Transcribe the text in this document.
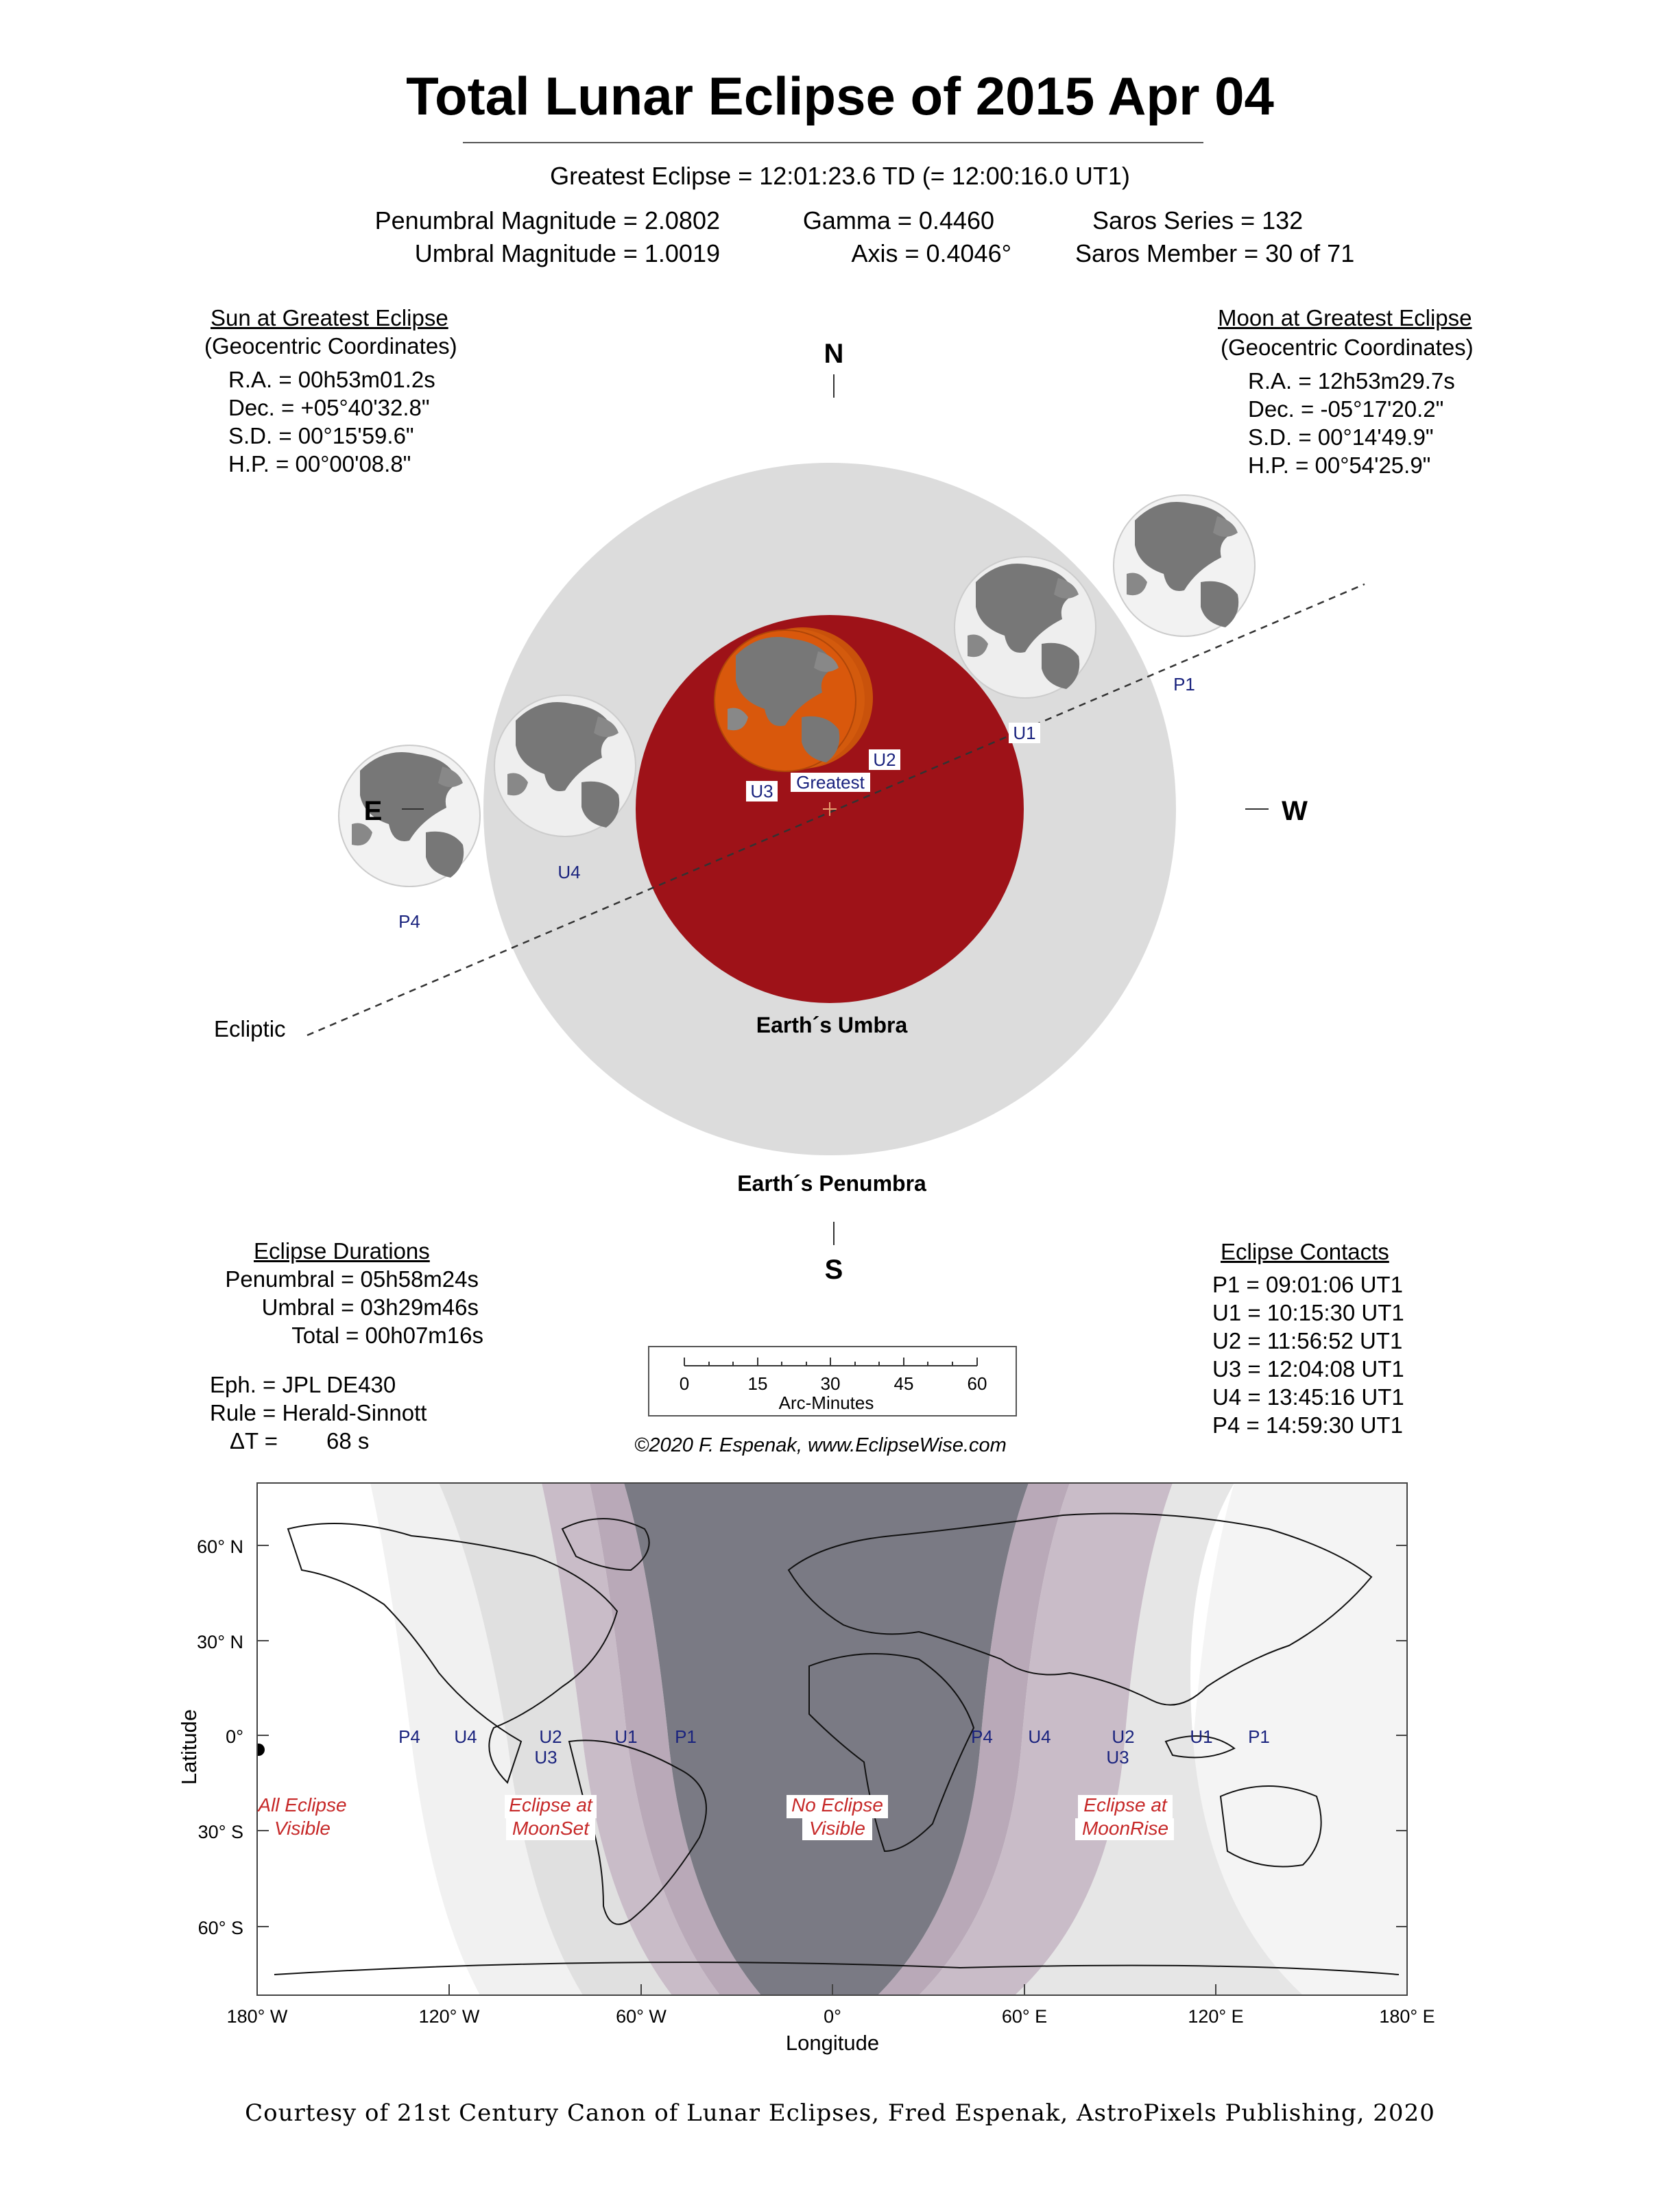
Total Lunar Eclipse of 2015 Apr 04
Greatest Eclipse = 12:01:23.6 TD (= 12:00:16.0 UT1)
Penumbral Magnitude = 2.0802
Umbral Magnitude = 1.0019
Gamma = 0.4460
Axis = 0.4046°
Saros Series = 132
Saros Member = 30 of 71
Sun at Greatest Eclipse
(Geocentric Coordinates)
R.A. = 00h53m01.2s
Dec. = +05°40'32.8"
S.D. = 00°15'59.6"
H.P. = 00°00'08.8"
Moon at Greatest Eclipse
(Geocentric Coordinates)
R.A. = 12h53m29.7s
Dec. = -05°17'20.2"
S.D. = 00°14'49.9"
H.P. = 00°54'25.9"
N
S
E	W
Ecliptic	Earth´s Umbra
Earth´s Penumbra
P1
U1
U2
U3 Greatest
U4
P4
0	15	30	45	60
Arc-Minutes
P4 U4	U2
U3
U1 P1	P4 U4	U2
U3
U1 P1
All Eclipse
Visible
Eclipse at
MoonSet
No Eclipse
Visible
Eclipse at
MoonRise
60° N
30° N
0°
30° S
60° S
180° W	120° W	60° W	0°	60° E	120° E	180° E
Longitude
Latitude
Eclipse Durations
Penumbral = 05h58m24s
Umbral = 03h29m46s
Total = 00h07m16s
Eph. = JPL DE430
Rule = Herald-Sinnott
ΔT = 68 s	©2020 F. Espenak, www.EclipseWise.com
Eclipse Contacts
P1 = 09:01:06 UT1
U1 = 10:15:30 UT1
U2 = 11:56:52 UT1
U3 = 12:04:08 UT1
U4 = 13:45:16 UT1
P4 = 14:59:30 UT1
Courtesy of 21st Century Canon of Lunar Eclipses, Fred Espenak, AstroPixels Publishing, 2020
